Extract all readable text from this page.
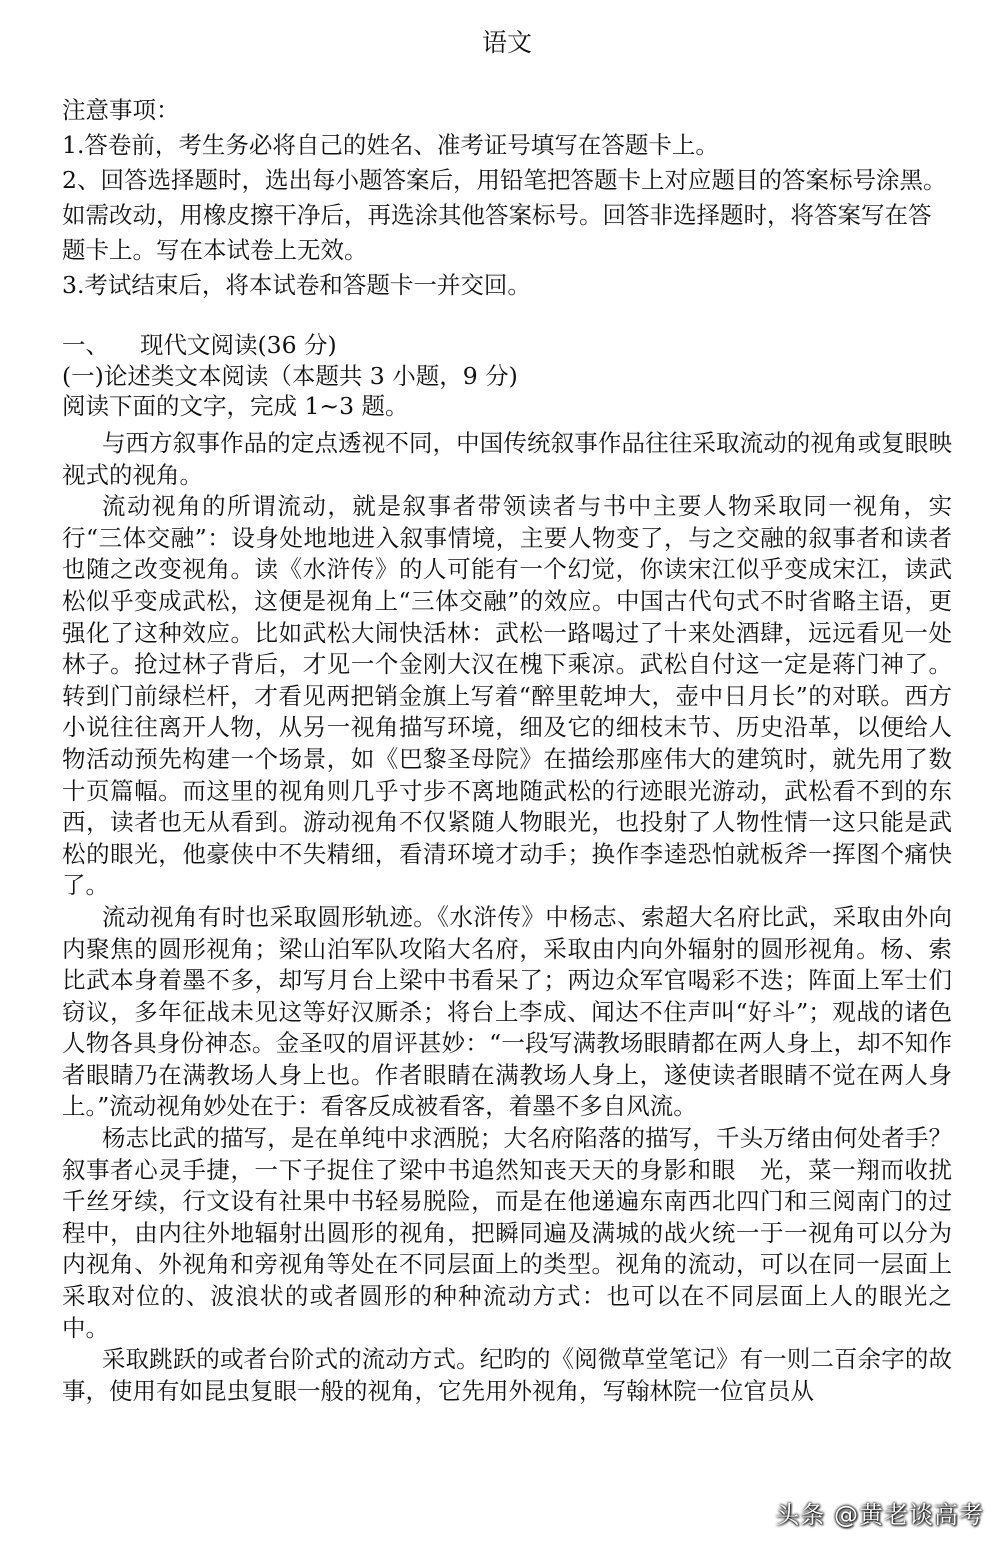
语文

注意事项：

1.答卷前，考生务必将自己的姓名、准考证号填写在答题卡上。

2、回答选择题时，选出每小题答案后，用铅笔把答题卡上对应题目的答案标号涂黑。如需改动，用橡皮擦干净后，再选涂其他答案标号。回答非选择题时，将答案写在答题卡上。写在本试卷上无效。

3.考试结束后，将本试卷和答题卡一并交回。

一、	现代文阅读(36 分)
(一)论述类文本阅读（本题共 3 小题，9 分)
阅读下面的文字，完成 1~3 题。

与西方叙事作品的定点透视不同，中国传统叙事作品往往采取流动的视角或复眼映视式的视角。

流动视角的所谓流动，就是叙事者带领读者与书中主要人物采取同一视角，实行“三体交融”：设身处地地进入叙事情境，主要人物变了，与之交融的叙事者和读者也随之改变视角。读《水浒传》的人可能有一个幻觉，你读宋江似乎变成宋江，读武松似乎变成武松，这便是视角上“三体交融”的效应。中国古代句式不时省略主语，更强化了这种效应。比如武松大闹快活林：武松一路喝过了十来处酒肆，远远看见一处林子。抢过林子背后，才见一个金刚大汉在槐下乘凉。武松自付这一定是蒋门神了。转到门前绿栏杆，才看见两把销金旗上写着“醉里乾坤大，壶中日月长”的对联。西方小说往往离开人物，从另一视角描写环境，细及它的细枝末节、历史沿革，以便给人物活动预先构建一个场景，如《巴黎圣母院》在描绘那座伟大的建筑时，就先用了数十页篇幅。而这里的视角则几乎寸步不离地随武松的行迹眼光游动，武松看不到的东西，读者也无从看到。游动视角不仅紧随人物眼光，也投射了人物性情一这只能是武松的眼光，他豪侠中不失精细，看清环境才动手；换作李逵恐怕就板斧一挥图个痛快了。

流动视角有时也采取圆形轨迹。《水浒传》中杨志、索超大名府比武，采取由外向内聚焦的圆形视角；梁山泊军队攻陷大名府，采取由内向外辐射的圆形视角。杨、索比武本身着墨不多，却写月台上梁中书看呆了；两边众军官喝彩不迭；阵面上军士们窃议，多年征战未见这等好汉厮杀；将台上李成、闻达不住声叫“好斗”；观战的诸色人物各具身份神态。金圣叹的眉评甚妙：“一段写满教场眼睛都在两人身上，却不知作者眼睛乃在满教场人身上也。作者眼睛在满教场人身上，遂使读者眼睛不觉在两人身上。”流动视角妙处在于：看客反成被看客，着墨不多自风流。

杨志比武的描写，是在单纯中求洒脱；大名府陷落的描写，千头万绪由何处者手？叙事者心灵手捷，一下子捉住了梁中书追然知丧天天的身影和眼　光，菜一翔而收扰千丝牙续，行文设有社果中书轻易脱险，而是在他递遍东南西北四门和三阅南门的过程中，由内往外地辐射出圆形的视角，把瞬同遍及满城的战火统一于一视角可以分为内视角、外视角和旁视角等处在不同层面上的类型。视角的流动，可以在同一层面上采取对位的、波浪状的或者圆形的种种流动方式：也可以在不同层面上人的眼光之中。

采取跳跃的或者台阶式的流动方式。纪昀的《阅微草堂笔记》有一则二百余字的故事，使用有如昆虫复眼一般的视角，它先用外视角，写翰林院一位官员从

头条 @黄老谈高考
